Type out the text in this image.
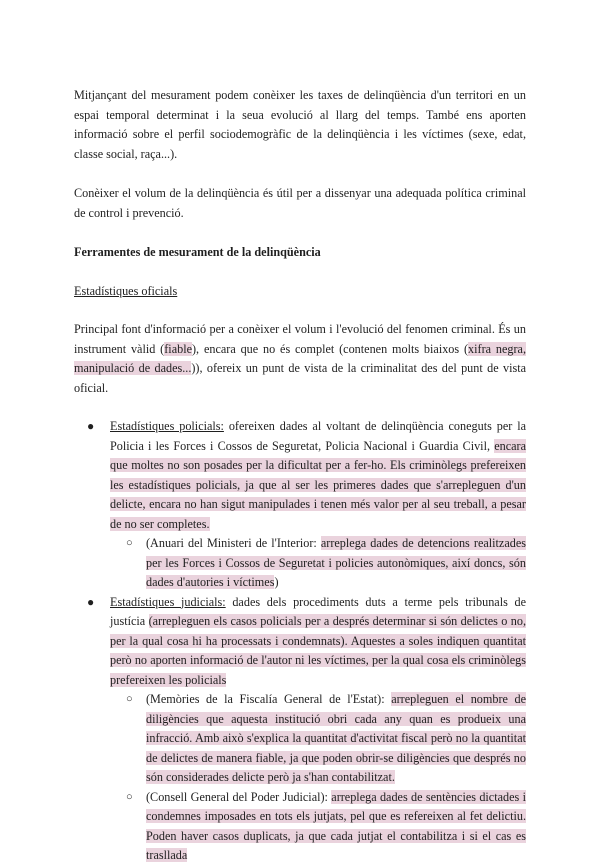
Mitjançant del mesurament podem conèixer les taxes de delinqüència d'un territori en un espai temporal determinat i la seua evolució al llarg del temps. També ens aporten informació sobre el perfil sociodemogràfic de la delinqüència i les víctimes (sexe, edat, classe social, raça...).

Conèixer el volum de la delinqüència és útil per a dissenyar una adequada política criminal de control i prevenció.

Ferramentes de mesurament de la delinqüència

Estadístiques oficials

Principal font d'informació per a conèixer el volum i l'evolució del fenomen criminal. És un instrument vàlid (fiable), encara que no és complet (contenen molts biaixos (xifra negra, manipulació de dades...)), ofereix un punt de vista de la criminalitat des del punt de vista oficial.

● Estadístiques policials: ofereixen dades al voltant de delinqüència coneguts per la Policia i les Forces i Cossos de Seguretat, Policia Nacional i Guardia Civil, encara que moltes no son posades per la dificultat per a fer-ho. Els criminòlegs prefereixen les estadístiques policials, ja que al ser les primeres dades que s'arrepleguen d'un delicte, encara no han sigut manipulades i tenen més valor per al seu treball, a pesar de no ser completes.
○ (Anuari del Ministeri de l'Interior: arreplega dades de detencions realitzades per les Forces i Cossos de Seguretat i policies autonòmiques, així doncs, són dades d'autories i víctimes)
● Estadístiques judicials: dades dels procediments duts a terme pels tribunals de justícia (arrepleguen els casos policials per a després determinar si són delictes o no, per la qual cosa hi ha processats i condemnats). Aquestes a soles indiquen quantitat però no aporten informació de l'autor ni les víctimes, per la qual cosa els criminòlegs prefereixen les policials
○ (Memòries de la Fiscalía General de l'Estat): arrepleguen el nombre de diligències que aquesta institució obri cada any quan es produeix una infracció. Amb això s'explica la quantitat d'activitat fiscal però no la quantitat de delictes de manera fiable, ja que poden obrir-se diligències que després no són considerades delicte però ja s'han contabilitzat.
○ (Consell General del Poder Judicial): arreplega dades de sentències dictades i condemnes imposades en tots els jutjats, pel que es refereixen al fet delictiu. Poden haver casos duplicats, ja que cada jutjat el contabilitza i si el cas es trasllada
